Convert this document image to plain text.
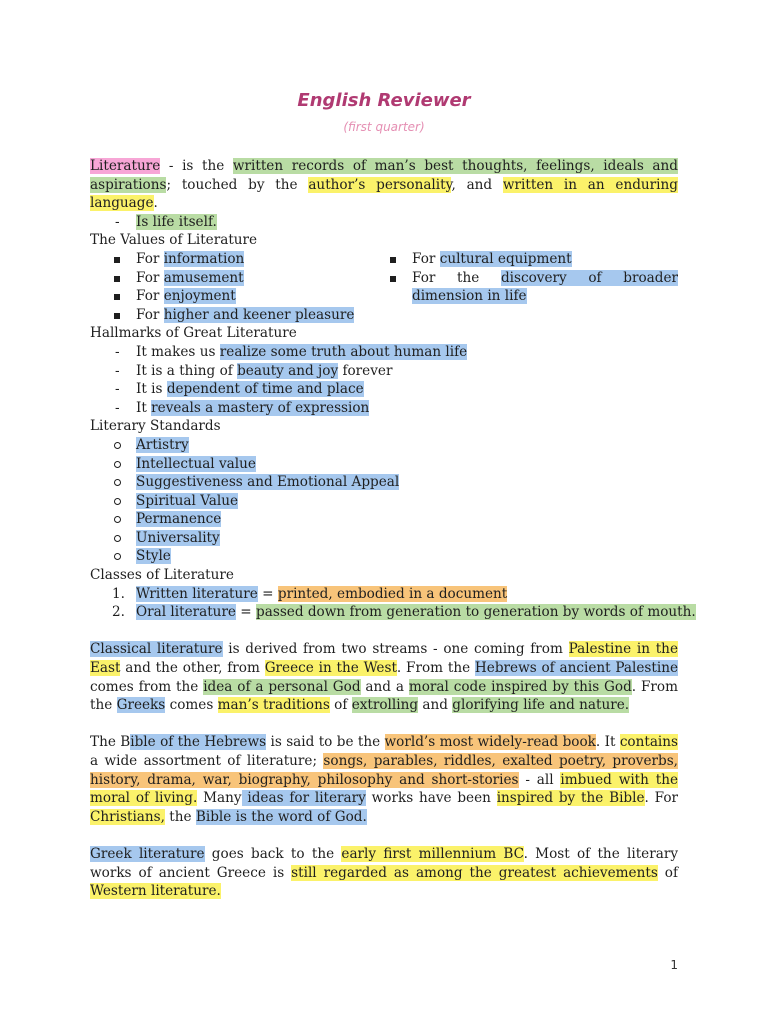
English Reviewer
(first quarter)

Literature - is the written records of man’s best thoughts, feelings, ideals and aspirations; touched by the author’s personality, and written in an enduring language.

- Is life itself.
The Values of Literature
For information
For amusement
For enjoyment
For higher and keener pleasure
For cultural equipment
For the discovery of broader dimension in life
Hallmarks of Great Literature
- It makes us realize some truth about human life
- It is a thing of beauty and joy forever
- It is dependent of time and place
- It reveals a mastery of expression
Literary Standards
Artistry
Intellectual value
Suggestiveness and Emotional Appeal
Spiritual Value
Permanence
Universality
Style
Classes of Literature
1. Written literature = printed, embodied in a document
2. Oral literature = passed down from generation to generation by words of mouth.

Classical literature is derived from two streams - one coming from Palestine in the East and the other, from Greece in the West. From the Hebrews of ancient Palestine comes from the idea of a personal God and a moral code inspired by this God. From the Greeks comes man’s traditions of extrolling and glorifying life and nature.

The Bible of the Hebrews is said to be the world’s most widely-read book. It contains a wide assortment of literature; songs, parables, riddles, exalted poetry, proverbs, history, drama, war, biography, philosophy and short-stories - all imbued with the moral of living. Many ideas for literary works have been inspired by the Bible. For Christians, the Bible is the word of God.

Greek literature goes back to the early first millennium BC. Most of the literary works of ancient Greece is still regarded as among the greatest achievements of Western literature.

1
